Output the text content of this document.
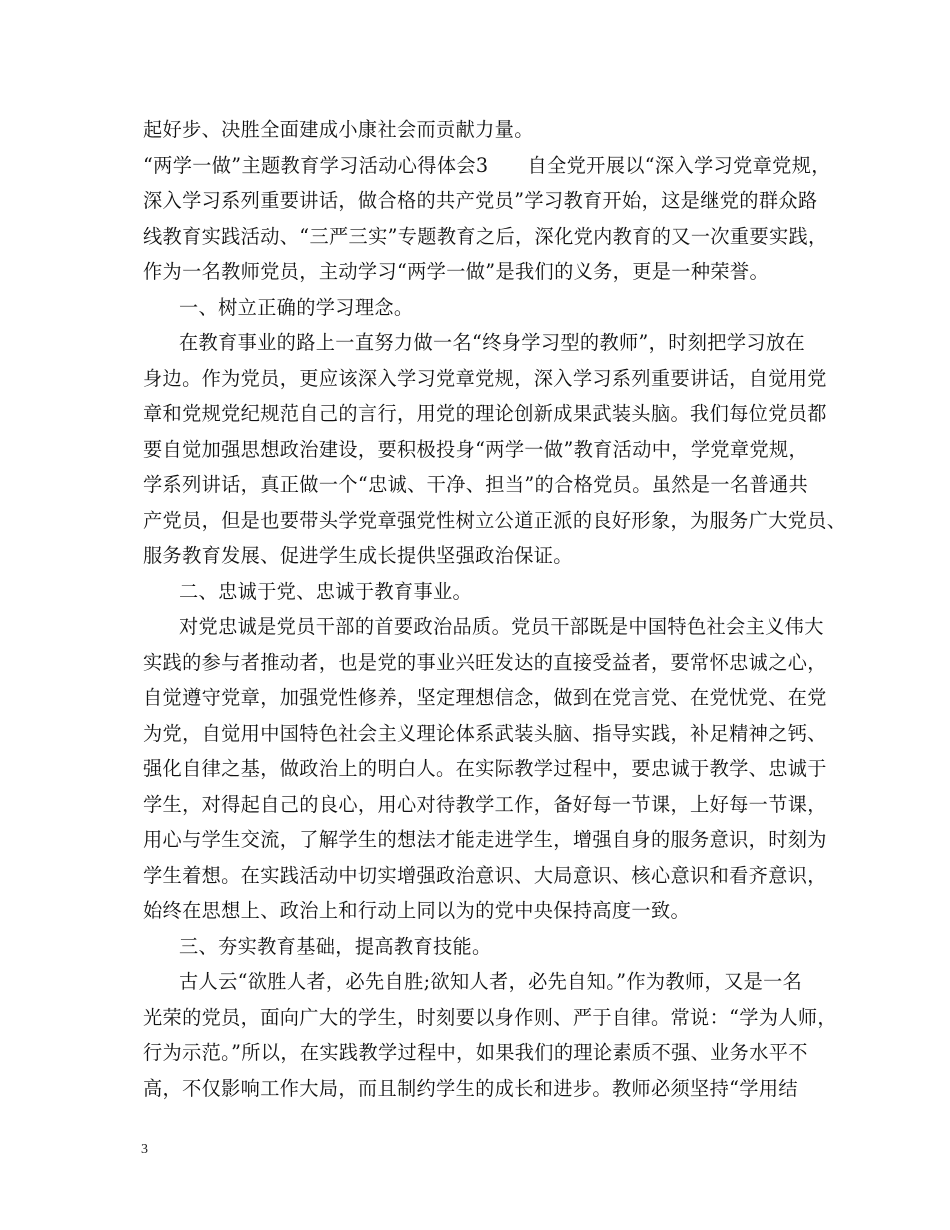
起好步、决胜全面建成小康社会而贡献力量。
“两学一做”主题教育学习活动心得体会3　　自全党开展以“深入学习党章党规，
深入学习系列重要讲话，做合格的共产党员”学习教育开始，这是继党的群众路
线教育实践活动、“三严三实”专题教育之后，深化党内教育的又一次重要实践，
作为一名教师党员，主动学习“两学一做”是我们的义务，更是一种荣誉。
一、树立正确的学习理念。
在教育事业的路上一直努力做一名“终身学习型的教师”，时刻把学习放在
身边。作为党员，更应该深入学习党章党规，深入学习系列重要讲话，自觉用党
章和党规党纪规范自己的言行，用党的理论创新成果武装头脑。我们每位党员都
要自觉加强思想政治建设，要积极投身“两学一做”教育活动中，学党章党规，
学系列讲话，真正做一个“忠诚、干净、担当”的合格党员。虽然是一名普通共
产党员，但是也要带头学党章强党性树立公道正派的良好形象，为服务广大党员、
服务教育发展、促进学生成长提供坚强政治保证。
二、忠诚于党、忠诚于教育事业。
对党忠诚是党员干部的首要政治品质。党员干部既是中国特色社会主义伟大
实践的参与者推动者，也是党的事业兴旺发达的直接受益者，要常怀忠诚之心，
自觉遵守党章，加强党性修养，坚定理想信念，做到在党言党、在党忧党、在党
为党，自觉用中国特色社会主义理论体系武装头脑、指导实践，补足精神之钙、
强化自律之基，做政治上的明白人。在实际教学过程中，要忠诚于教学、忠诚于
学生，对得起自己的良心，用心对待教学工作，备好每一节课，上好每一节课，
用心与学生交流，了解学生的想法才能走进学生，增强自身的服务意识，时刻为
学生着想。在实践活动中切实增强政治意识、大局意识、核心意识和看齐意识，
始终在思想上、政治上和行动上同以为的党中央保持高度一致。
三、夯实教育基础，提高教育技能。
古人云“欲胜人者，必先自胜;欲知人者，必先自知。”作为教师，又是一名
光荣的党员，面向广大的学生，时刻要以身作则、严于自律。常说：“学为人师，
行为示范。”所以，在实践教学过程中，如果我们的理论素质不强、业务水平不
高，不仅影响工作大局，而且制约学生的成长和进步。教师必须坚持“学用结
3
